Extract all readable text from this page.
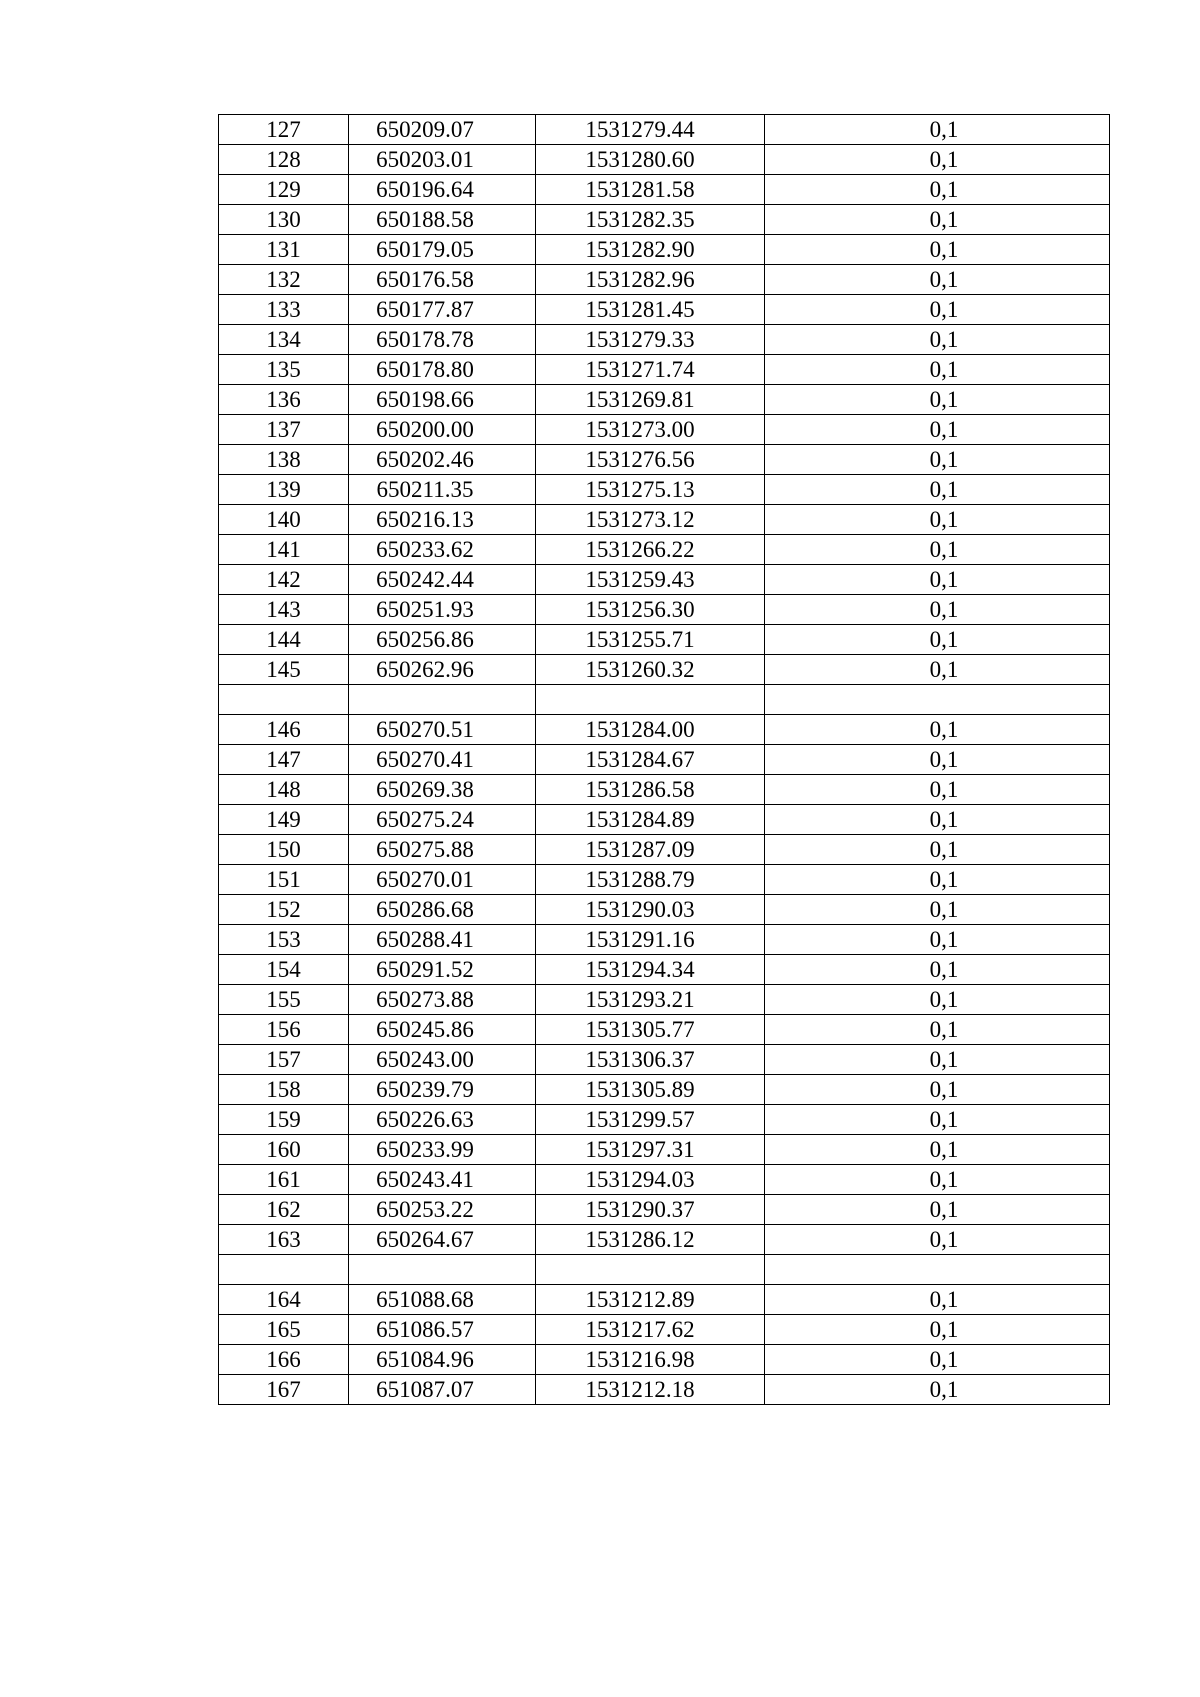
127	650209.07	1531279.44	0,1
128	650203.01	1531280.60	0,1
129	650196.64	1531281.58	0,1
130	650188.58	1531282.35	0,1
131	650179.05	1531282.90	0,1
132	650176.58	1531282.96	0,1
133	650177.87	1531281.45	0,1
134	650178.78	1531279.33	0,1
135	650178.80	1531271.74	0,1
136	650198.66	1531269.81	0,1
137	650200.00	1531273.00	0,1
138	650202.46	1531276.56	0,1
139	650211.35	1531275.13	0,1
140	650216.13	1531273.12	0,1
141	650233.62	1531266.22	0,1
142	650242.44	1531259.43	0,1
143	650251.93	1531256.30	0,1
144	650256.86	1531255.71	0,1
145	650262.96	1531260.32	0,1

146	650270.51	1531284.00	0,1
147	650270.41	1531284.67	0,1
148	650269.38	1531286.58	0,1
149	650275.24	1531284.89	0,1
150	650275.88	1531287.09	0,1
151	650270.01	1531288.79	0,1
152	650286.68	1531290.03	0,1
153	650288.41	1531291.16	0,1
154	650291.52	1531294.34	0,1
155	650273.88	1531293.21	0,1
156	650245.86	1531305.77	0,1
157	650243.00	1531306.37	0,1
158	650239.79	1531305.89	0,1
159	650226.63	1531299.57	0,1
160	650233.99	1531297.31	0,1
161	650243.41	1531294.03	0,1
162	650253.22	1531290.37	0,1
163	650264.67	1531286.12	0,1

164	651088.68	1531212.89	0,1
165	651086.57	1531217.62	0,1
166	651084.96	1531216.98	0,1
167	651087.07	1531212.18	0,1
